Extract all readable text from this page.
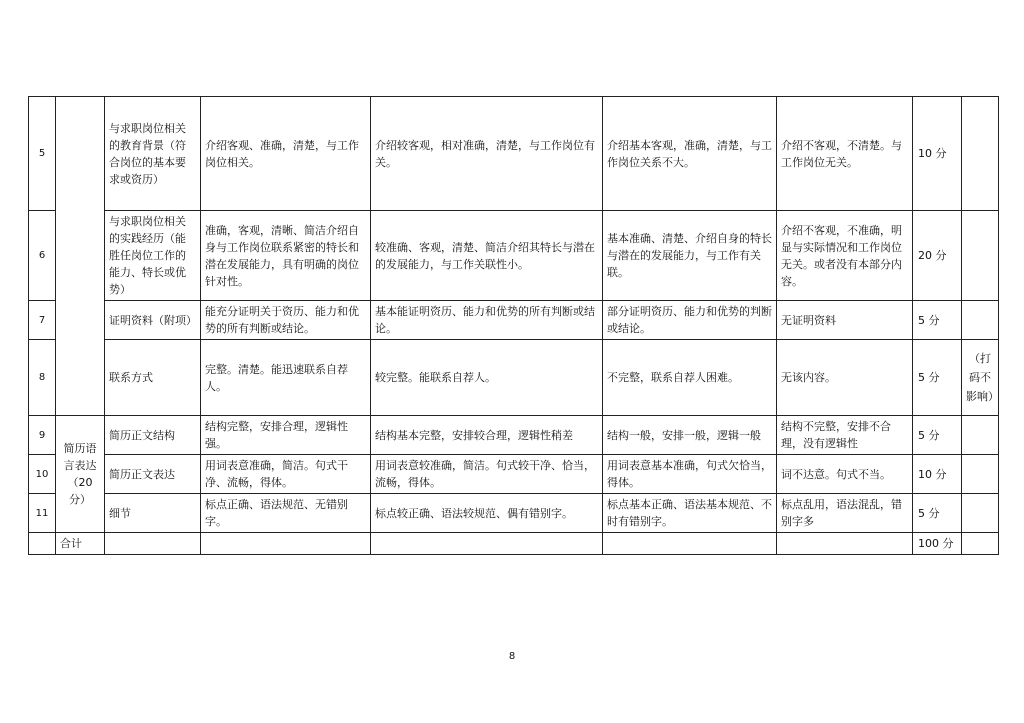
5		与求职岗位相关的教育背景（符合岗位的基本要求或资历）	介绍客观、准确，清楚，与工作岗位相关。	介绍较客观，相对准确，清楚，与工作岗位有关。	介绍基本客观，准确，清楚，与工作岗位关系不大。	介绍不客观，不清楚。与工作岗位无关。	10 分	
6		与求职岗位相关的实践经历（能胜任岗位工作的能力、特长或优势）	准确，客观，清晰、简洁介绍自身与工作岗位联系紧密的特长和潜在发展能力，具有明确的岗位针对性。	较准确、客观，清楚、简洁介绍其特长与潜在的发展能力，与工作关联性小。	基本准确、清楚、介绍自身的特长与潜在的发展能力，与工作有关联。	介绍不客观，不准确，明显与实际情况和工作岗位无关。或者没有本部分内容。	20 分	
7		证明资料（附项）	能充分证明关于资历、能力和优势的所有判断或结论。	基本能证明资历、能力和优势的所有判断或结论。	部分证明资历、能力和优势的判断或结论。	无证明资料	5 分	
8		联系方式	完整。清楚。能迅速联系自荐人。	较完整。能联系自荐人。	不完整，联系自荐人困难。	无该内容。	5 分	（打码不影响）
9	简历语言表达（20分）	简历正文结构	结构完整，安排合理，逻辑性强。	结构基本完整，安排较合理，逻辑性稍差	结构一般，安排一般，逻辑一般	结构不完整，安排不合理，没有逻辑性	5 分	
10		简历正文表达	用词表意准确，简洁。句式干净、流畅，得体。	用词表意较准确，简洁。句式较干净、恰当，流畅，得体。	用词表意基本准确，句式欠恰当，得体。	词不达意。句式不当。	10 分	
11		细节	标点正确、语法规范、无错别字。	标点较正确、语法较规范、偶有错别字。	标点基本正确、语法基本规范、不时有错别字。	标点乱用，语法混乱，错别字多	5 分	
	合计						100 分	
8
